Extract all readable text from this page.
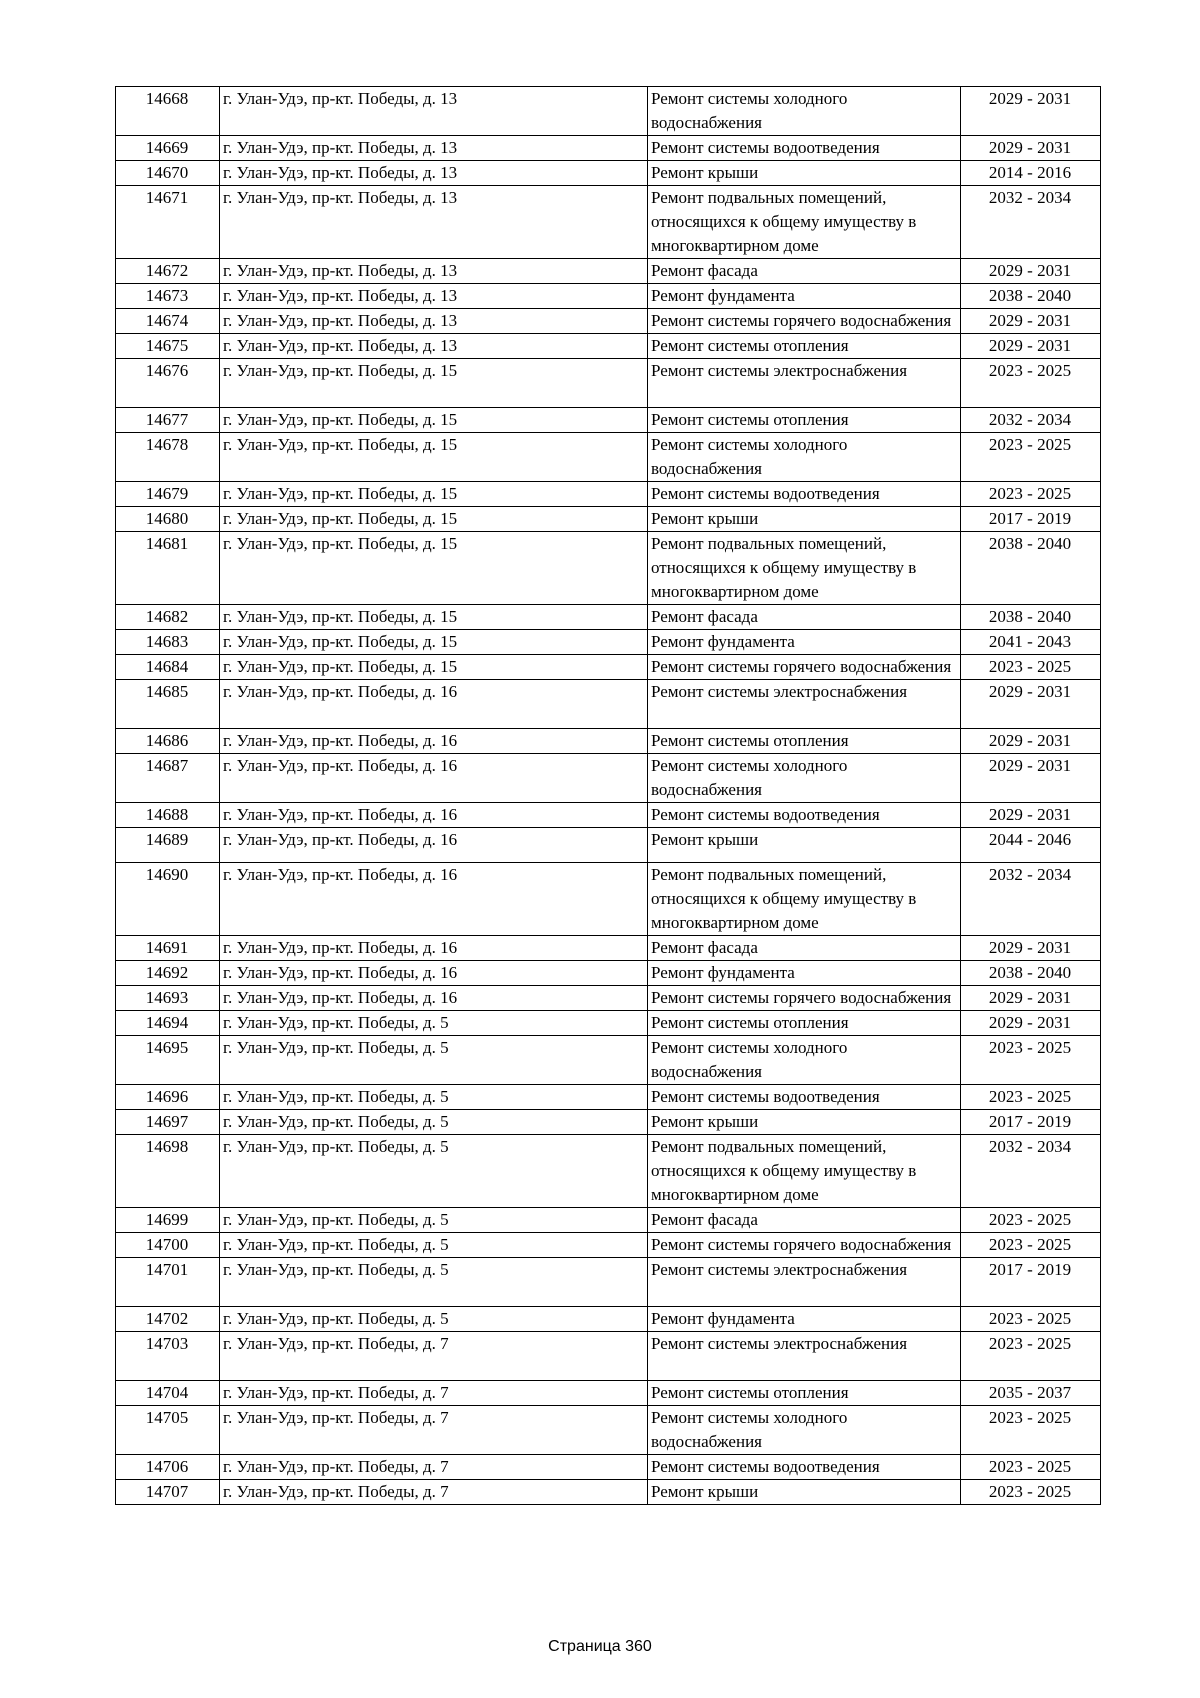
14668	г. Улан-Удэ, пр-кт. Победы, д. 13	Ремонт системы холодного водоснабжения	2029 - 2031
14669	г. Улан-Удэ, пр-кт. Победы, д. 13	Ремонт системы водоотведения	2029 - 2031
14670	г. Улан-Удэ, пр-кт. Победы, д. 13	Ремонт крыши	2014 - 2016
14671	г. Улан-Удэ, пр-кт. Победы, д. 13	Ремонт подвальных помещений, относящихся к общему имуществу в многоквартирном доме	2032 - 2034
14672	г. Улан-Удэ, пр-кт. Победы, д. 13	Ремонт фасада	2029 - 2031
14673	г. Улан-Удэ, пр-кт. Победы, д. 13	Ремонт фундамента	2038 - 2040
14674	г. Улан-Удэ, пр-кт. Победы, д. 13	Ремонт системы горячего водоснабжения	2029 - 2031
14675	г. Улан-Удэ, пр-кт. Победы, д. 13	Ремонт системы отопления	2029 - 2031
14676	г. Улан-Удэ, пр-кт. Победы, д. 15	Ремонт системы электроснабжения	2023 - 2025
14677	г. Улан-Удэ, пр-кт. Победы, д. 15	Ремонт системы отопления	2032 - 2034
14678	г. Улан-Удэ, пр-кт. Победы, д. 15	Ремонт системы холодного водоснабжения	2023 - 2025
14679	г. Улан-Удэ, пр-кт. Победы, д. 15	Ремонт системы водоотведения	2023 - 2025
14680	г. Улан-Удэ, пр-кт. Победы, д. 15	Ремонт крыши	2017 - 2019
14681	г. Улан-Удэ, пр-кт. Победы, д. 15	Ремонт подвальных помещений, относящихся к общему имуществу в многоквартирном доме	2038 - 2040
14682	г. Улан-Удэ, пр-кт. Победы, д. 15	Ремонт фасада	2038 - 2040
14683	г. Улан-Удэ, пр-кт. Победы, д. 15	Ремонт фундамента	2041 - 2043
14684	г. Улан-Удэ, пр-кт. Победы, д. 15	Ремонт системы горячего водоснабжения	2023 - 2025
14685	г. Улан-Удэ, пр-кт. Победы, д. 16	Ремонт системы электроснабжения	2029 - 2031
14686	г. Улан-Удэ, пр-кт. Победы, д. 16	Ремонт системы отопления	2029 - 2031
14687	г. Улан-Удэ, пр-кт. Победы, д. 16	Ремонт системы холодного водоснабжения	2029 - 2031
14688	г. Улан-Удэ, пр-кт. Победы, д. 16	Ремонт системы водоотведения	2029 - 2031
14689	г. Улан-Удэ, пр-кт. Победы, д. 16	Ремонт крыши	2044 - 2046
14690	г. Улан-Удэ, пр-кт. Победы, д. 16	Ремонт подвальных помещений, относящихся к общему имуществу в многоквартирном доме	2032 - 2034
14691	г. Улан-Удэ, пр-кт. Победы, д. 16	Ремонт фасада	2029 - 2031
14692	г. Улан-Удэ, пр-кт. Победы, д. 16	Ремонт фундамента	2038 - 2040
14693	г. Улан-Удэ, пр-кт. Победы, д. 16	Ремонт системы горячего водоснабжения	2029 - 2031
14694	г. Улан-Удэ, пр-кт. Победы, д. 5	Ремонт системы отопления	2029 - 2031
14695	г. Улан-Удэ, пр-кт. Победы, д. 5	Ремонт системы холодного водоснабжения	2023 - 2025
14696	г. Улан-Удэ, пр-кт. Победы, д. 5	Ремонт системы водоотведения	2023 - 2025
14697	г. Улан-Удэ, пр-кт. Победы, д. 5	Ремонт крыши	2017 - 2019
14698	г. Улан-Удэ, пр-кт. Победы, д. 5	Ремонт подвальных помещений, относящихся к общему имуществу в многоквартирном доме	2032 - 2034
14699	г. Улан-Удэ, пр-кт. Победы, д. 5	Ремонт фасада	2023 - 2025
14700	г. Улан-Удэ, пр-кт. Победы, д. 5	Ремонт системы горячего водоснабжения	2023 - 2025
14701	г. Улан-Удэ, пр-кт. Победы, д. 5	Ремонт системы электроснабжения	2017 - 2019
14702	г. Улан-Удэ, пр-кт. Победы, д. 5	Ремонт фундамента	2023 - 2025
14703	г. Улан-Удэ, пр-кт. Победы, д. 7	Ремонт системы электроснабжения	2023 - 2025
14704	г. Улан-Удэ, пр-кт. Победы, д. 7	Ремонт системы отопления	2035 - 2037
14705	г. Улан-Удэ, пр-кт. Победы, д. 7	Ремонт системы холодного водоснабжения	2023 - 2025
14706	г. Улан-Удэ, пр-кт. Победы, д. 7	Ремонт системы водоотведения	2023 - 2025
14707	г. Улан-Удэ, пр-кт. Победы, д. 7	Ремонт крыши	2023 - 2025
Страница 360
